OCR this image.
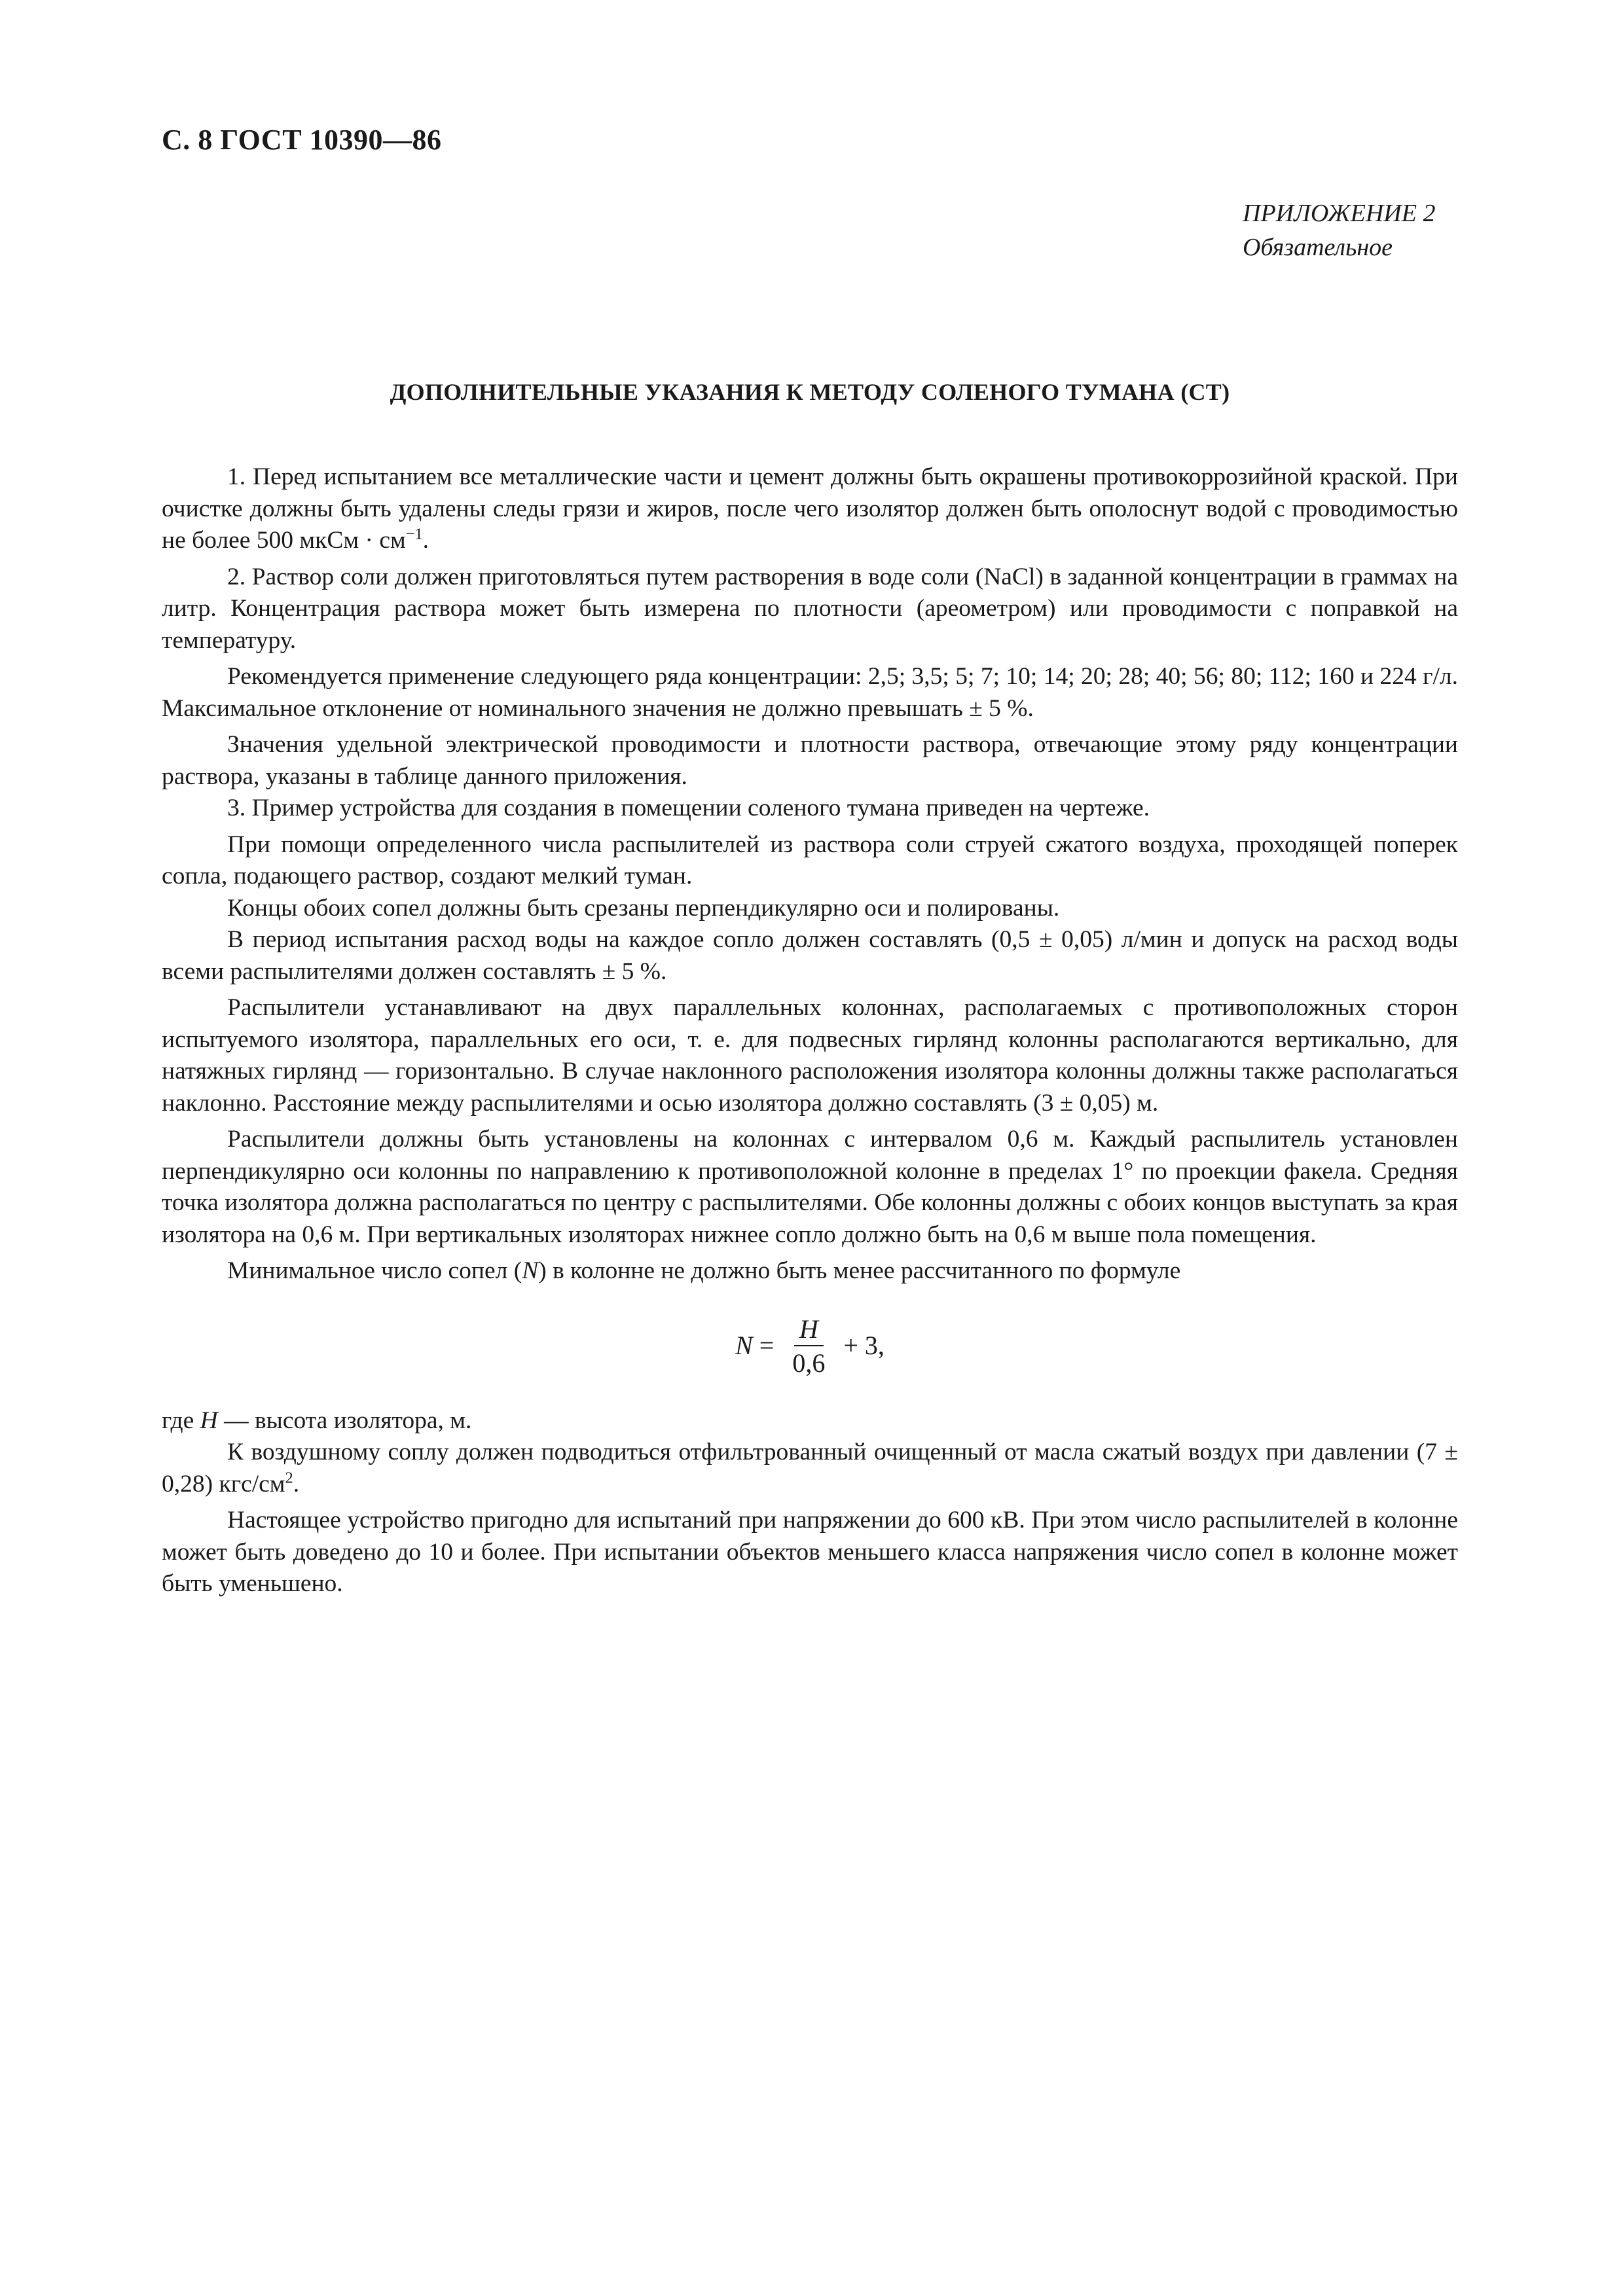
С. 8 ГОСТ 10390—86
ПРИЛОЖЕНИЕ 2
Обязательное
ДОПОЛНИТЕЛЬНЫЕ УКАЗАНИЯ К МЕТОДУ СОЛЕНОГО ТУМАНА (СТ)

1. Перед испытанием все металлические части и цемент должны быть окрашены противокоррозийной краской. При очистке должны быть удалены следы грязи и жиров, после чего изолятор должен быть ополоснут водой с проводимостью не более 500 мкСм · $см^{-1}$.

2. Раствор соли должен приготовляться путем растворения в воде соли (NaCl) в заданной концентрации в граммах на литр. Концентрация раствора может быть измерена по плотности (ареометром) или проводимости с поправкой на температуру.

Рекомендуется применение следующего ряда концентрации: 2,5; 3,5; 5; 7; 10; 14; 20; 28; 40; 56; 80; 112; 160 и 224 г/л. Максимальное отклонение от номинального значения не должно превышать ± 5 %.

Значения удельной электрической проводимости и плотности раствора, отвечающие этому ряду концентрации раствора, указаны в таблице данного приложения.

3. Пример устройства для создания в помещении соленого тумана приведен на чертеже.

При помощи определенного числа распылителей из раствора соли струей сжатого воздуха, проходящей поперек сопла, подающего раствор, создают мелкий туман.

Концы обоих сопел должны быть срезаны перпендикулярно оси и полированы.

В период испытания расход воды на каждое сопло должен составлять (0,5 ± 0,05) л/мин и допуск на расход воды всеми распылителями должен составлять ± 5 %.

Распылители устанавливают на двух параллельных колоннах, располагаемых с противоположных сторон испытуемого изолятора, параллельных его оси, т. е. для подвесных гирлянд колонны располагаются вертикально, для натяжных гирлянд — горизонтально. В случае наклонного расположения изолятора колонны должны также располагаться наклонно. Расстояние между распылителями и осью изолятора должно составлять (3 ± 0,05) м.

Распылители должны быть установлены на колоннах с интервалом 0,6 м. Каждый распылитель установлен перпендикулярно оси колонны по направлению к противоположной колонне в пределах 1° по проекции факела. Средняя точка изолятора должна располагаться по центру с распылителями. Обе колонны должны с обоих концов выступать за края изолятора на 0,6 м. При вертикальных изоляторах нижнее сопло должно быть на 0,6 м выше пола помещения.

Минимальное число сопел (N) в колонне не должно быть менее рассчитанного по формуле

$N = \frac{H}{0,6} + 3$,

где H — высота изолятора, м.

К воздушному соплу должен подводиться отфильтрованный очищенный от масла сжатый воздух при давлении (7 ± 0,28) кгс/$см^2$.

Настоящее устройство пригодно для испытаний при напряжении до 600 кВ. При этом число распылителей в колонне может быть доведено до 10 и более. При испытании объектов меньшего класса напряжения число сопел в колонне может быть уменьшено.
